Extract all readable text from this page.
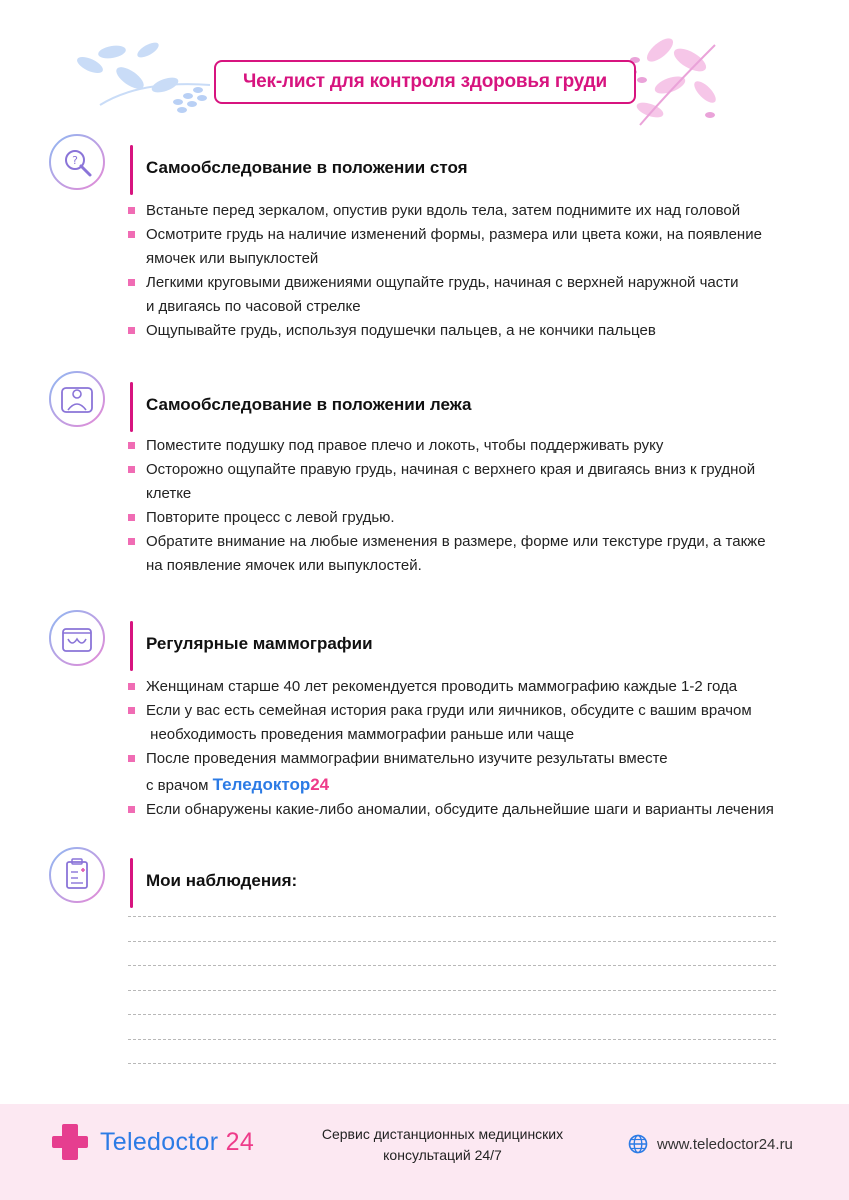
Чек-лист для контроля здоровья груди
?	Самообследование в положении стоя
Встаньте перед зеркалом, опустив руки вдоль тела, затем поднимите их над головой
Осмотрите грудь на наличие изменений формы, размера или цвета кожи, на появление
ямочек или выпуклостей
Легкими круговыми движениями ощупайте грудь, начиная с верхней наружной части
и двигаясь по часовой стрелке
Ощупывайте грудь, используя подушечки пальцев, а не кончики пальцев
Самообследование в положении лежа
Поместите подушку под правое плечо и локоть, чтобы поддерживать руку
Осторожно ощупайте правую грудь, начиная с верхнего края и двигаясь вниз к грудной
клетке
Повторите процесс с левой грудью.
Обратите внимание на любые изменения в размере, форме или текстуре груди, а также
на появление ямочек или выпуклостей.
Регулярные маммографии
Женщинам старше 40 лет рекомендуется проводить маммографию каждые 1-2 года
Если у вас есть семейная история рака груди или яичников, обсудите с вашим врачом
необходимость проведения маммографии раньше или чаще
После проведения маммографии внимательно изучите результаты вместе
с врачом Теледоктор24
Если обнаружены какие-либо аномалии, обсудите дальнейшие шаги и варианты лечения
Мои наблюдения:
Teledoctor 24	Сервис дистанционных медицинских
консультаций 24/7
www.teledoctor24.ru
